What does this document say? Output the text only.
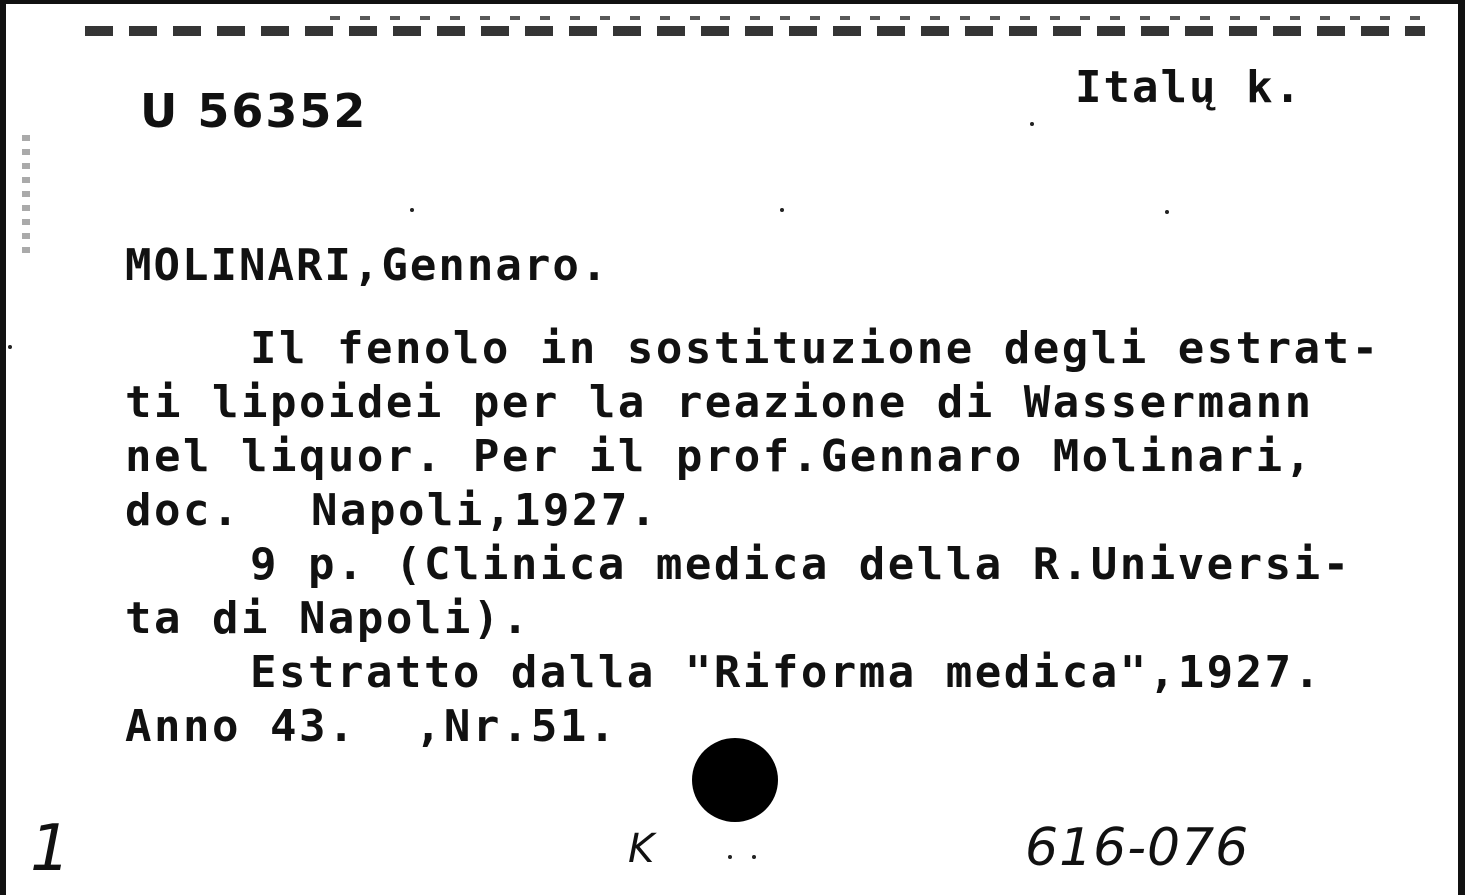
U 56352	Italų k.
MOLINARI,Gennaro.
Il fenolo in sostituzione degli estrat-
ti lipoidei per la reazione di Wassermann
nel liquor. Per il prof.Gennaro Molinari,
doc. Napoli,1927.
9 p. (Clinica medica della R.Universi-
ta di Napoli).
Estratto dalla "Riforma medica",1927.
Anno 43.  ,Nr.51.
1	K	616-076
